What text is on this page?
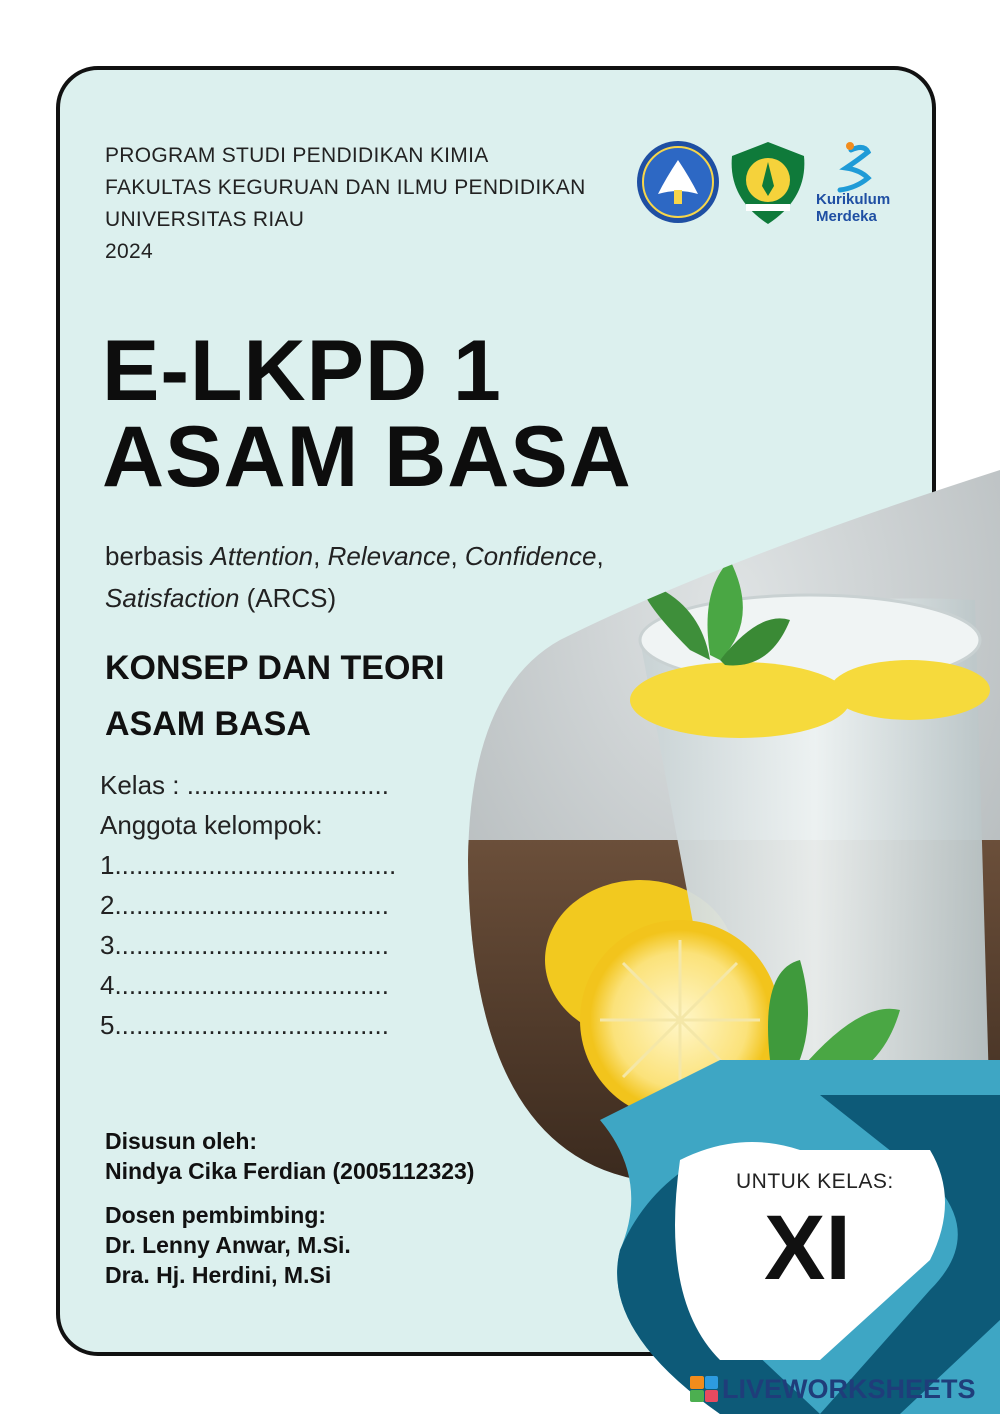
PROGRAM STUDI PENDIDIKAN KIMIA
FAKULTAS KEGURUAN DAN ILMU PENDIDIKAN
UNIVERSITAS RIAU
2024
Kurikulum
Merdeka
E-LKPD 1
ASAM BASA
berbasis Attention, Relevance, Confidence,
Satisfaction (ARCS)
KONSEP DAN TEORI
ASAM BASA
Kelas : ............................
Anggota kelompok:
1.......................................
2......................................
3......................................
4......................................
5......................................
Disusun oleh:
Nindya Cika Ferdian (2005112323)
Dosen pembimbing:
Dr. Lenny Anwar, M.Si.
Dra. Hj. Herdini, M.Si
UNTUK KELAS:
XI
LIVEWORKSHEETS
